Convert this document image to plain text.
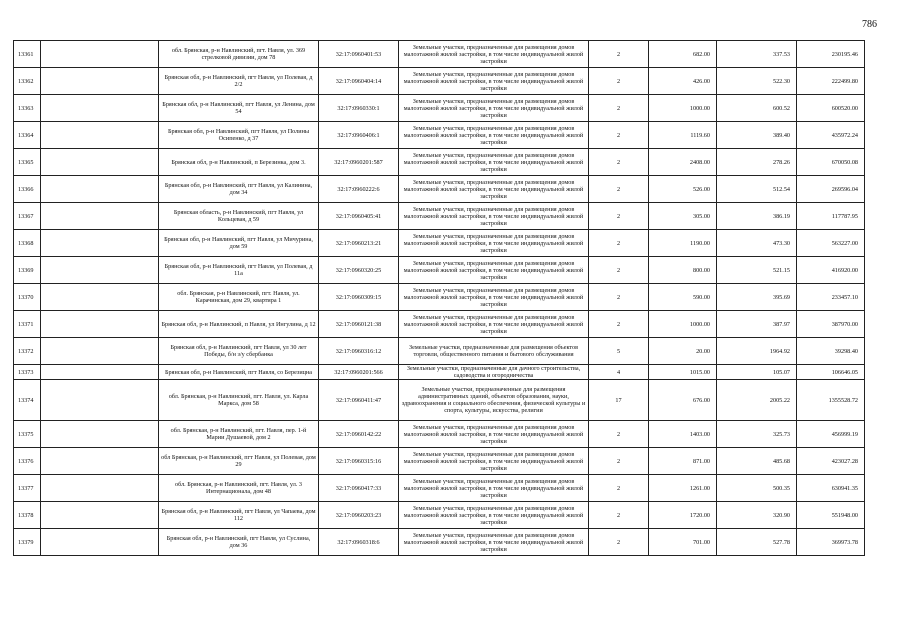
786
13361		обл. Брянская, р-н Навлинский, пгт. Навля, ул. 369 стрелковой дивизии, дом 78	32:17:0960401:53	Земельные участки, предназначенные для размещения домов малоэтажной жилой застройки, в том числе индивидуальной жилой застройки	2	682.00	337.53	230195.46
13362		Брянская обл, р-н Навлинский, пгт Навля, ул Полевая, д 2/2	32:17:0960404:14	Земельные участки, предназначенные для размещения домов малоэтажной жилой застройки, в том числе индивидуальной жилой застройки	2	426.00	522.30	222499.80
13363		Брянская обл, р-н Навлинский, пгт Навля, ул Ленина, дом 54	32:17:0960330:1	Земельные участки, предназначенные для размещения домов малоэтажной жилой застройки, в том числе индивидуальной жилой застройки	2	1000.00	600.52	600520.00
13364		Брянская обл, р-н Навлинский, пгт Навля, ул Полины Осипенко, д 37	32:17:0960406:1	Земельные участки, предназначенные для размещения домов малоэтажной жилой застройки, в том числе индивидуальной жилой застройки	2	1119.60	389.40	435972.24
13365		Брянская обл, р-н Навлинский, п Березинка, дом 3.	32:17:0960201:587	Земельные участки, предназначенные для размещения домов малоэтажной жилой застройки, в том числе индивидуальной жилой застройки	2	2408.00	278.26	670050.08
13366		Брянская обл, р-н Навлинский, пгт Навля, ул Калинина, дом 34	32:17:0960222:6	Земельные участки, предназначенные для размещения домов малоэтажной жилой застройки, в том числе индивидуальной жилой застройки	2	526.00	512.54	269596.04
13367		Брянская область, р-н Навлинский, пгт Навля, ул Кольцевая, д 59	32:17:0960405:41	Земельные участки, предназначенные для размещения домов малоэтажной жилой застройки, в том числе индивидуальной жилой застройки	2	305.00	386.19	117787.95
13368		Брянская обл, р-н Навлинский, пгт Навля, ул Мичурина, дом 59	32:17:0960213:21	Земельные участки, предназначенные для размещения домов малоэтажной жилой застройки, в том числе индивидуальной жилой застройки	2	1190.00	473.30	563227.00
13369		Брянская обл, р-н Навлинский, пгт Навля, ул Полевая, д 11а	32:17:0960320:25	Земельные участки, предназначенные для размещения домов малоэтажной жилой застройки, в том числе индивидуальной жилой застройки	2	800.00	521.15	416920.00
13370		обл. Брянская, р-н Навлинский, пгт. Навля, ул. Карачинская, дом 29, квартира 1	32:17:0960309:15	Земельные участки, предназначенные для размещения домов малоэтажной жилой застройки, в том числе индивидуальной жилой застройки	2	590.00	395.69	233457.10
13371		Брянская обл, р-н Навлинский, п Навля, ул Ингулина, д 12	32:17:0960121:38	Земельные участки, предназначенные для размещения домов малоэтажной жилой застройки, в том числе индивидуальной жилой застройки	2	1000.00	387.97	387970.00
13372		Брянская обл, р-н Навлинский, пгт Навля, ул 30 лет Победы, б/н з/у сбербанка	32:17:0960316:12	Земельные участки, предназначенные для размещения объектов торговли, общественного питания и бытового обслуживания	5	20.00	1964.92	39298.40
13373		Брянская обл, р-н Навлинский, пгт Навля, со Березицна	32:17:0960201:566	Земельные участки, предназначенные для дачного строительства, садоводства и огородничества	4	1015.00	105.07	106646.05
13374		обл. Брянская, р-н Навлинский, пгт. Навля, ул. Карла Маркса, дом 58	32:17:0960411:47	Земельные участки, предназначенные для размещения административных зданий, объектов образования, науки, здравоохранения и социального обеспечения, физической культуры и спорта, культуры, искусства, религии	17	676.00	2005.22	1355528.72
13375		обл. Брянская, р-н Навлинский, пгт. Навля, пер. 1-й Марии Душаевой, дом 2	32:17:0960142:22	Земельные участки, предназначенные для размещения домов малоэтажной жилой застройки, в том числе индивидуальной жилой застройки	2	1403.00	325.73	456999.19
13376		обл Брянская, р-н Навлинский, пгт Навля, ул Полевая, дом 29	32:17:0960315:16	Земельные участки, предназначенные для размещения домов малоэтажной жилой застройки, в том числе индивидуальной жилой застройки	2	871.00	485.68	423027.28
13377		обл. Брянская, р-н Навлинский, пгт. Навля, ул. 3 Интернационала, дом 48	32:17:0960417:33	Земельные участки, предназначенные для размещения домов малоэтажной жилой застройки, в том числе индивидуальной жилой застройки	2	1261.00	500.35	630941.35
13378		Брянская обл, р-н Навлинский, пгт Навля, ул Чапаева, дом 112	32:17:0960203:23	Земельные участки, предназначенные для размещения домов малоэтажной жилой застройки, в том числе индивидуальной жилой застройки	2	1720.00	320.90	551948.00
13379		Брянская обл, р-н Навлинский, пгт Навля, ул Суслина, дом 36	32:17:0960318:6	Земельные участки, предназначенные для размещения домов малоэтажной жилой застройки, в том числе индивидуальной жилой застройки	2	701.00	527.78	369973.78
